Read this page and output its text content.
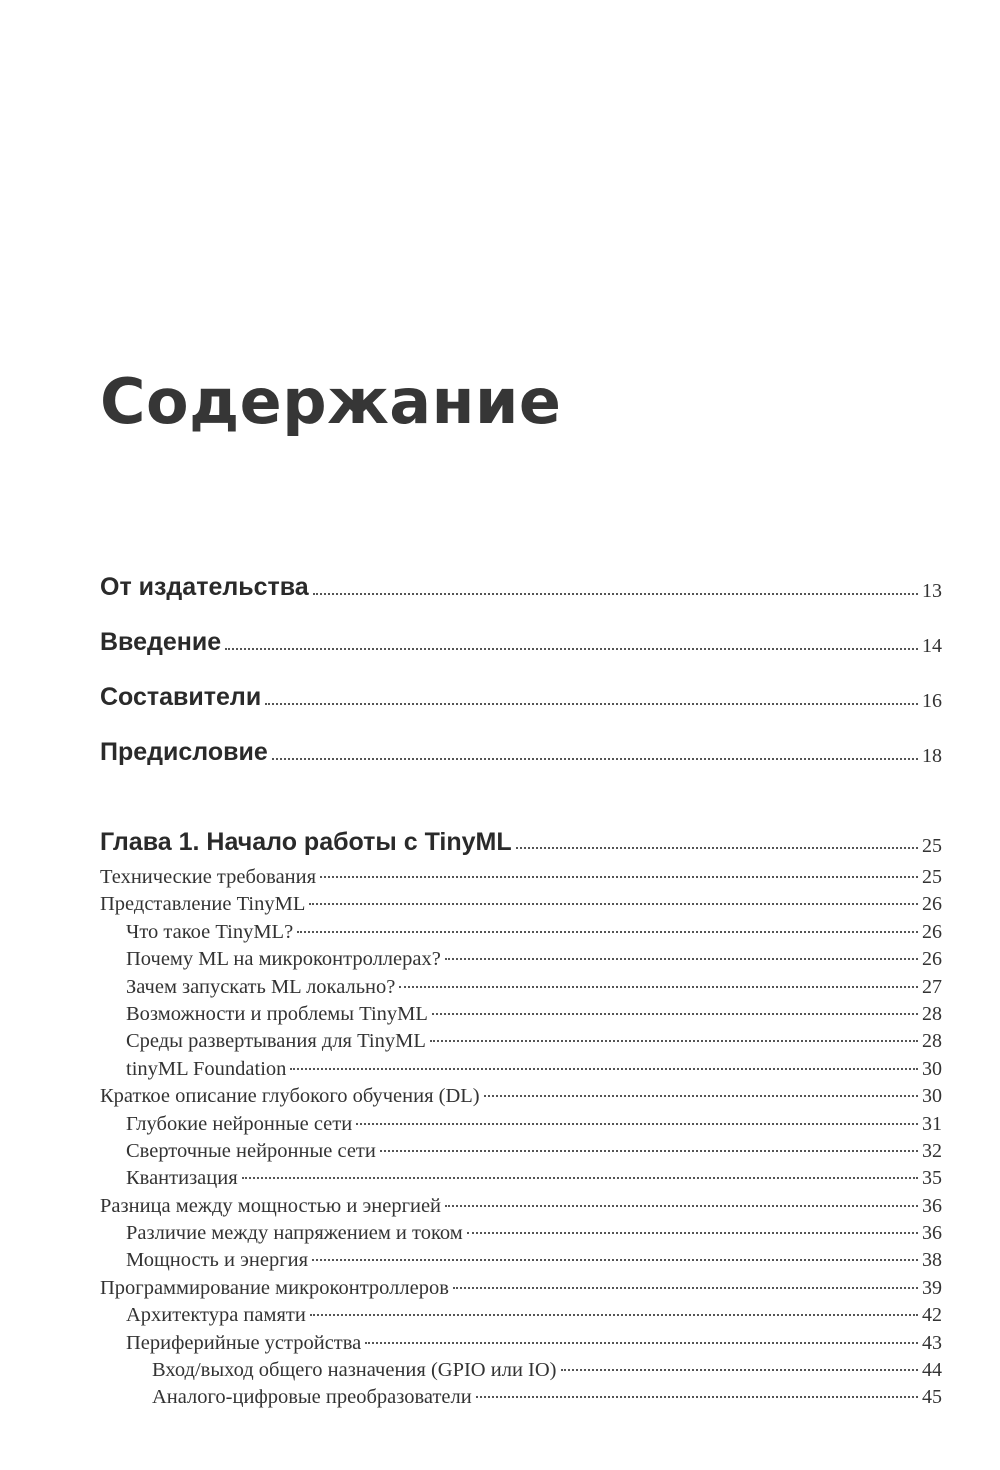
Содержание
От издательства	13
Введение	14
Составители	16
Предисловие	18
Глава 1. Начало работы с TinyML	25
Технические требования	25
Представление TinyML	26
Что такое TinyML?	26
Почему ML на микроконтроллерах?	26
Зачем запускать ML локально?	27
Возможности и проблемы TinyML	28
Среды развертывания для TinyML	28
tinyML Foundation	30
Краткое описание глубокого обучения (DL)	30
Глубокие нейронные сети	31
Сверточные нейронные сети	32
Квантизация	35
Разница между мощностью и энергией	36
Различие между напряжением и током	36
Мощность и энергия	38
Программирование микроконтроллеров	39
Архитектура памяти	42
Периферийные устройства	43
Вход/выход общего назначения (GPIO или IO)	44
Аналого-цифровые преобразователи	45
